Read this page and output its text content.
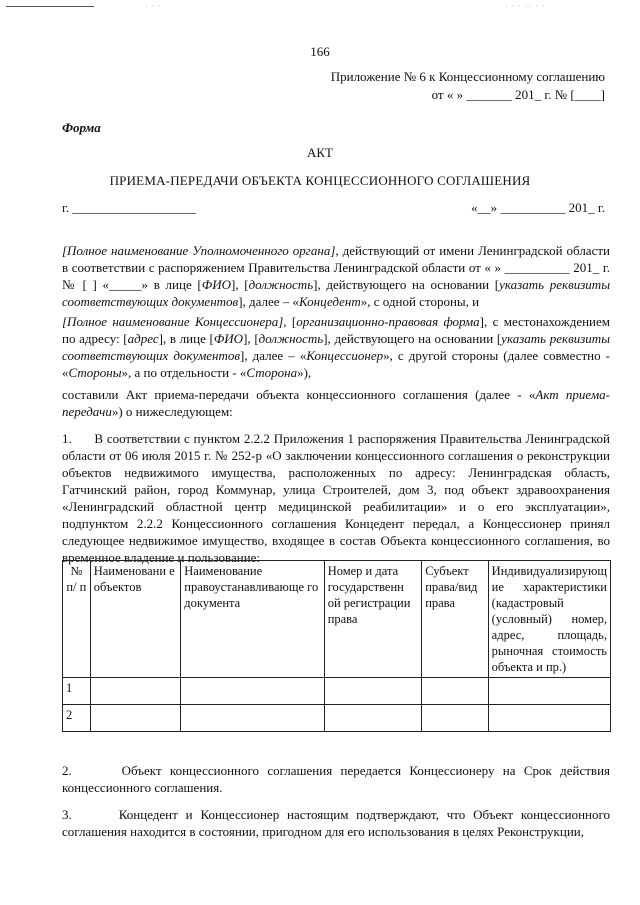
· · ·	· · · ·· · ·
166
Приложение № 6 к Концессионному соглашению
от « » _______ 201_ г. № [____]
Форма
АКТ
ПРИЕМА-ПЕРЕДАЧИ ОБЪЕКТА КОНЦЕССИОННОГО СОГЛАШЕНИЯ
г. ___________________	«__» __________ 201_ г.
[Полное наименование Уполномоченного органа], действующий от имени Ленинградской области в соответствии с распоряжением Правительства Ленинградской области от « » __________ 201_ г. № [ ] «_____» в лице [ФИО], [должность], действующего на основании [указать реквизиты соответствующих документов], далее – «Концедент», с одной стороны, и
[Полное наименование Концессионера], [организационно-правовая форма], с местонахождением по адресу: [адрес], в лице [ФИО], [должность], действующего на основании [указать реквизиты соответствующих документов], далее – «Концессионер», с другой стороны (далее совместно - «Стороны», а по отдельности - «Сторона»),
составили Акт приема-передачи объекта концессионного соглашения (далее - «Акт приема-передачи») о нижеследующем:
1.      В соответствии с пунктом 2.2.2 Приложения 1 распоряжения Правительства Ленинградской области от 06 июля 2015 г. № 252-р «О заключении концессионного соглашения о реконструкции объектов недвижимого имущества, расположенных по адресу: Ленинградская область, Гатчинский район, город Коммунар, улица Строителей, дом 3, под объект здравоохранения «Ленинградский областной центр медицинской реабилитации» и о его эксплуатации», подпунктом 2.2.2 Концессионного соглашения Концедент передал, а Концессионер принял следующее недвижимое имущество, входящее в состав Объекта концессионного соглашения, во временное владение и пользование:
№ п/ п	Наименовани е объектов	Наименование правоустанавливающе го документа	Номер и дата государственн ой регистрации права	Субъект права/вид права	Индивидуализирующ ие характеристики (кадастровый (условный) номер, адрес, площадь, рыночная стоимость объекта и пр.)
1					
2					
2.      Объект концессионного соглашения передается Концессионеру на Срок действия концессионного соглашения.
3.      Концедент и Концессионер настоящим подтверждают, что Объект концессионного соглашения находится в состоянии, пригодном для его использования в целях Реконструкции,
